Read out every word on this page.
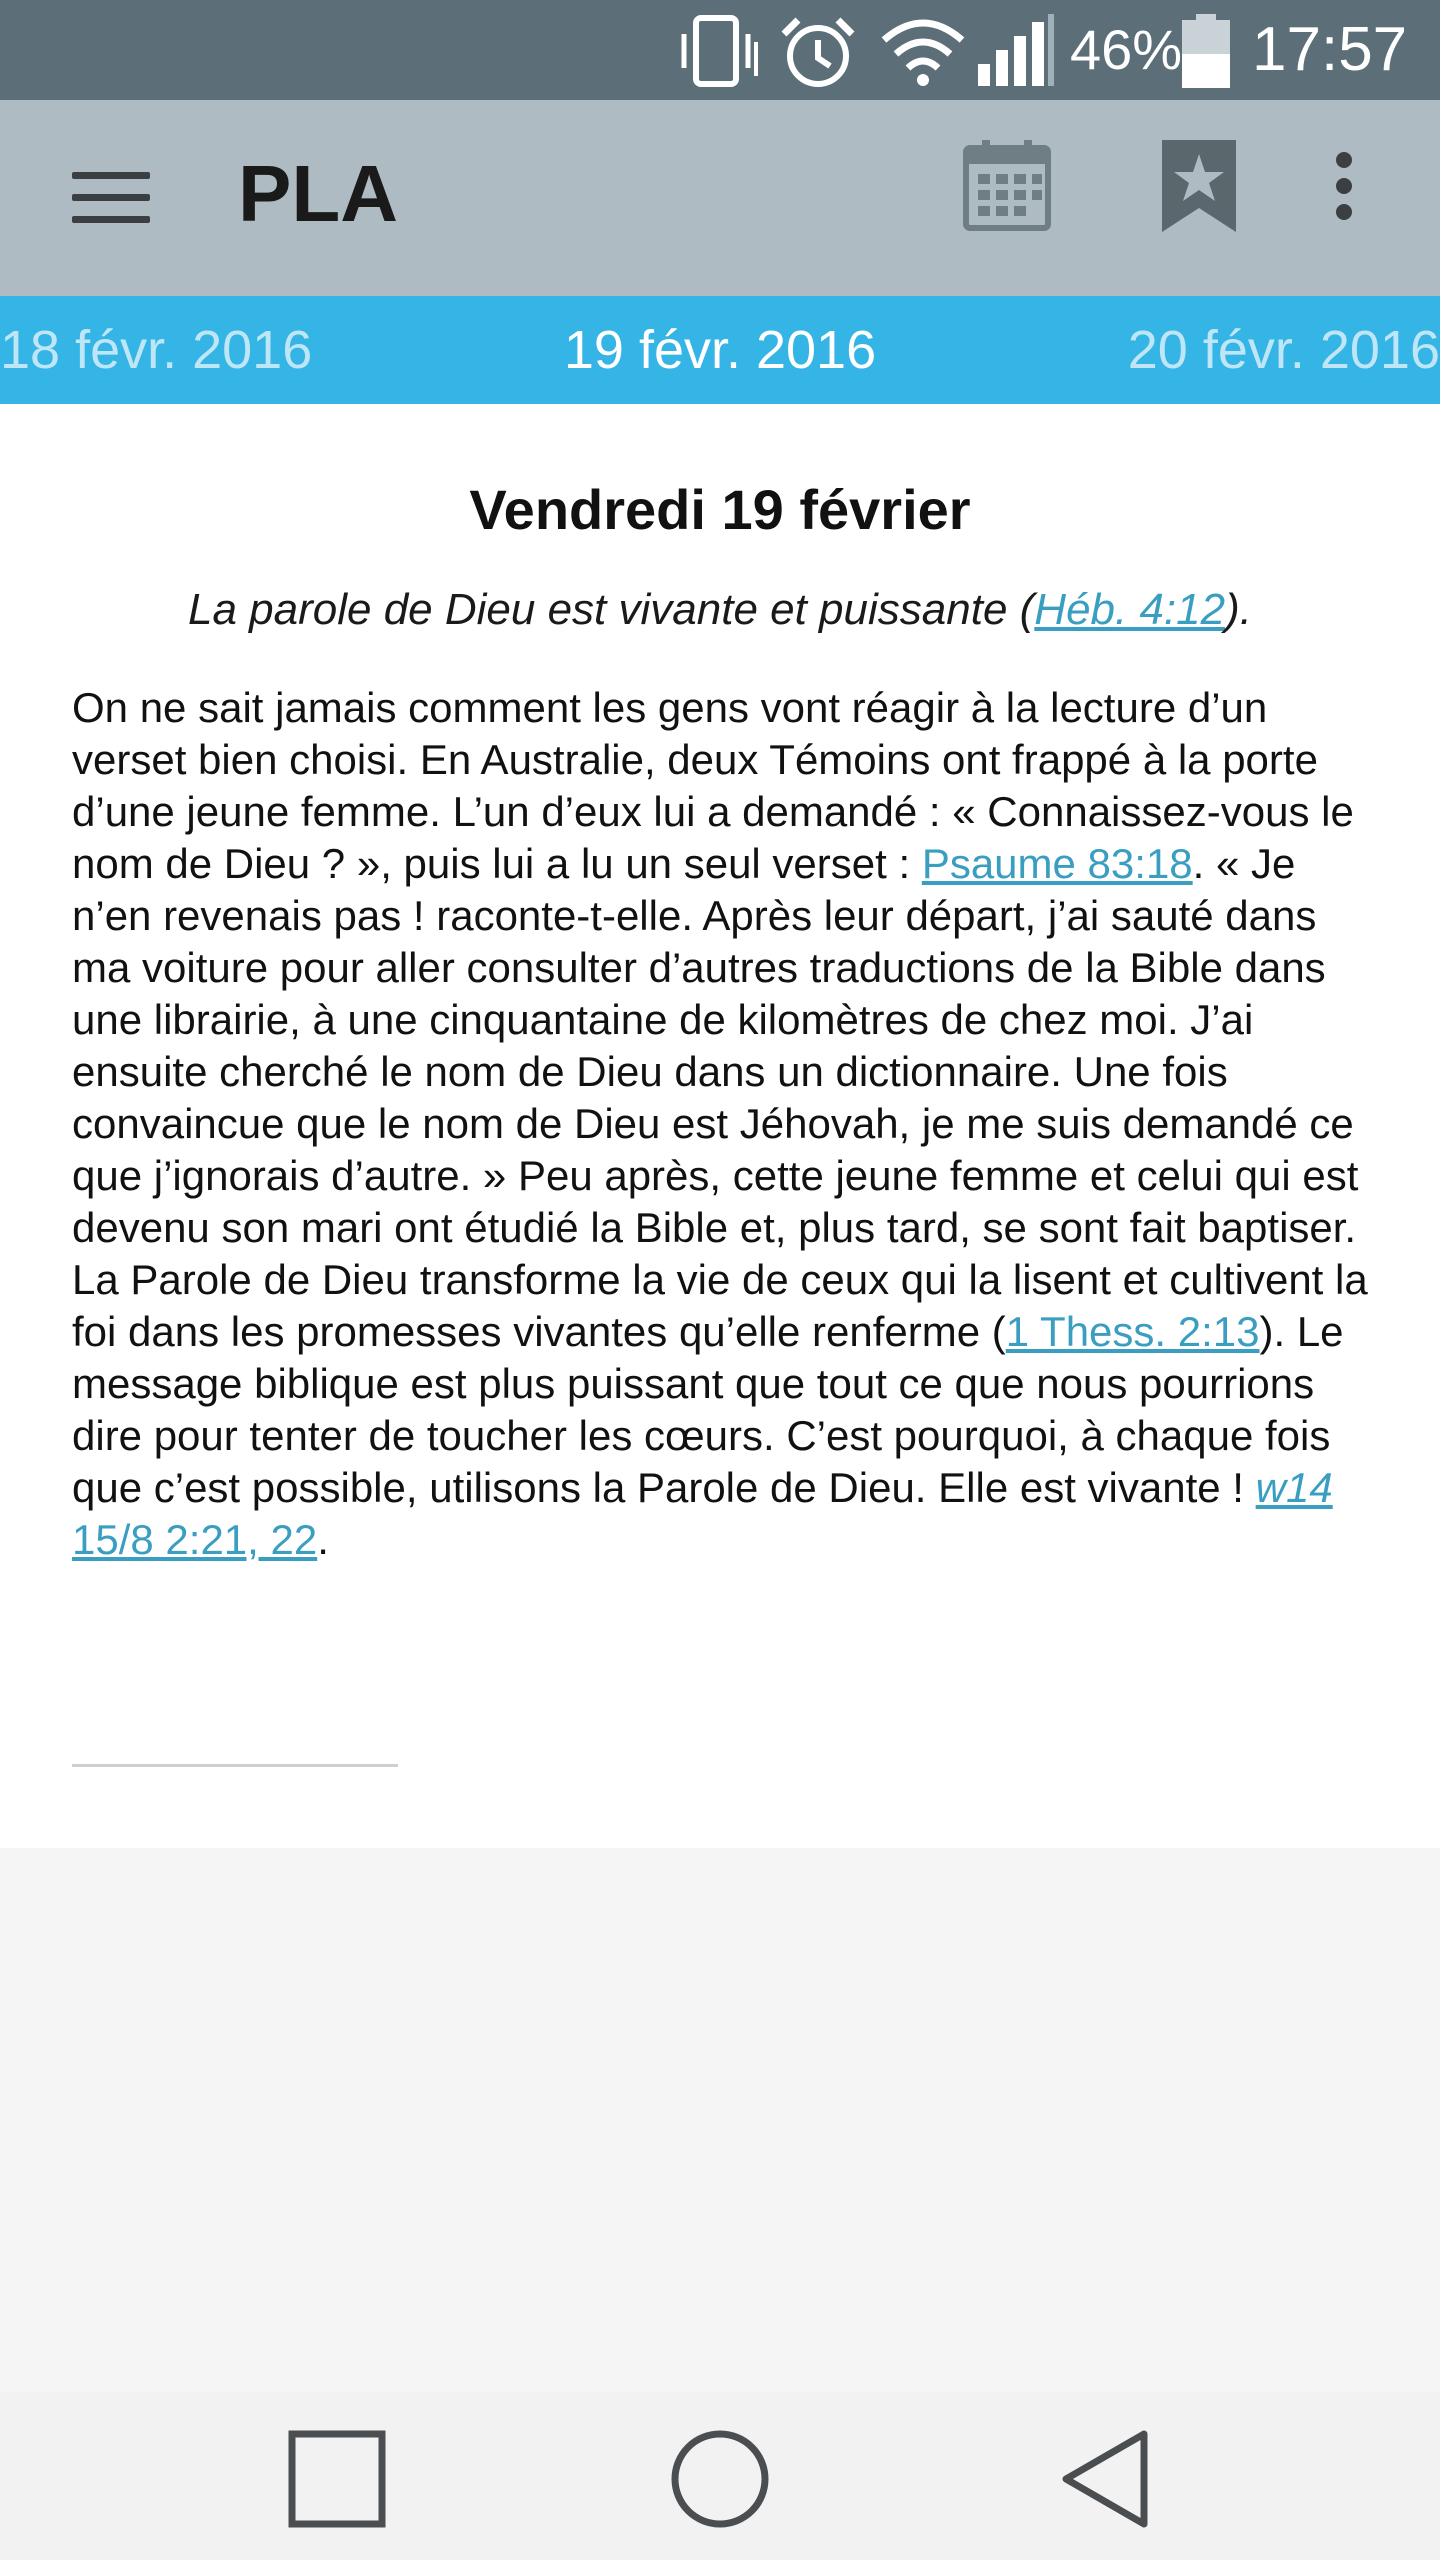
46% 17:57
PLA
18 févr. 2016	19 févr. 2016	20 févr. 2016
Vendredi 19 février
La parole de Dieu est vivante et puissante (Héb. 4:12).
On ne sait jamais comment les gens vont réagir à la lecture d’un verset bien choisi. En Australie, deux Témoins ont frappé à la porte d’une jeune femme. L’un d’eux lui a demandé : « Connaissez-vous le nom de Dieu ? », puis lui a lu un seul verset : Psaume 83:18. « Je n’en revenais pas ! raconte-t-elle. Après leur départ, j’ai sauté dans ma voiture pour aller consulter d’autres traductions de la Bible dans une librairie, à une cinquantaine de kilomètres de chez moi. J’ai ensuite cherché le nom de Dieu dans un dictionnaire. Une fois convaincue que le nom de Dieu est Jéhovah, je me suis demandé ce que j’ignorais d’autre. » Peu après, cette jeune femme et celui qui est devenu son mari ont étudié la Bible et, plus tard, se sont fait baptiser. La Parole de Dieu transforme la vie de ceux qui la lisent et cultivent la foi dans les promesses vivantes qu’elle renferme (1 Thess. 2:13). Le message biblique est plus puissant que tout ce que nous pourrions dire pour tenter de toucher les cœurs. C’est pourquoi, à chaque fois que c’est possible, utilisons la Parole de Dieu. Elle est vivante ! w14 15/8 2:21, 22.
